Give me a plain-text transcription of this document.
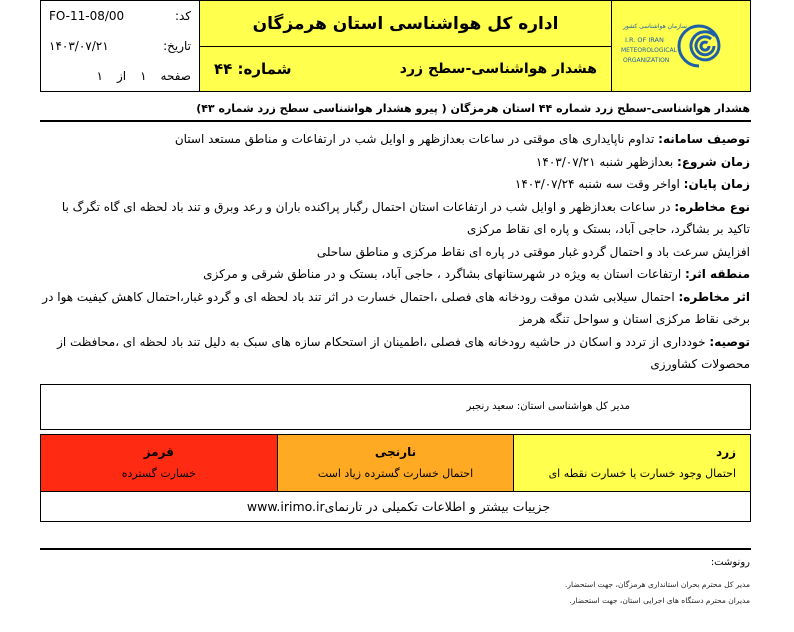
کد:
FO-11-08/00
تاریخ:
۱۴۰۳/۰۷/۲۱
صفحه
۱
از
۱
اداره کل هواشناسی استان هرمزگان
هشدار هواشناسی-سطح زرد
شماره: ۴۴
سازمان هواشناسی کشور
I.R. OF IRAN
METEOROLOGICAL
ORGANIZATION
هشدار هواشناسی-سطح زرد شماره ۴۴ استان هرمزگان ( پیرو هشدار هواشناسی سطح زرد شماره ۴۳)

توصیف سامانه: تداوم ناپایداری های موقتی در ساعات بعدازظهر و اوایل شب در ارتفاعات و مناطق مستعد استان

زمان شروع: بعدازظهر شنبه ۱۴۰۳/۰۷/۲۱

زمان پایان: اواخر وقت سه شنبه ۱۴۰۳/۰۷/۲۴

نوع مخاطره: در ساعات بعدازظهر و اوایل شب در ارتفاعات استان احتمال رگبار پراکنده باران و رعد وبرق و تند باد لحظه ای گاه تگرگ با تاکید بر بشاگرد، حاجی آباد، بستک و پاره ای نقاط مرکزی

افزایش سرعت باد و احتمال گردو غبار موقتی در پاره ای نقاط مرکزی و مناطق ساحلی

منطقه اثر: ارتفاعات استان به ویژه در شهرستانهای بشاگرد ، حاجی آباد، بستک و در مناطق شرقی و مرکزی

اثر مخاطره: احتمال سیلابی شدن موقت رودخانه های فصلی ،احتمال خسارت در اثر تند باد لحظه ای و گردو غبار،احتمال کاهش کیفیت هوا در برخی نقاط مرکزی استان و سواحل تنگه هرمز

توصیه: خودداری از تردد و اسکان در حاشیه رودخانه های فصلی ،اطمینان از استحکام سازه های سبک به دلیل تند باد لحظه ای ،محافظت از محصولات کشاورزی

مدیر کل هواشناسی استان: سعید رنجبر
قرمز
خسارت گسترده
نارنجی
احتمال خسارت گسترده زیاد است
زرد
احتمال وجود خسارت یا خسارت نقطه ای
جزییات بیشتر و اطلاعات تکمیلی در تارنمای
www.irimo.ir
رونوشت:
مدیر کل محترم بحران استانداری هرمزگان، جهت استحضار.
مدیران محترم دستگاه های اجرایی استان، جهت استحضار.
